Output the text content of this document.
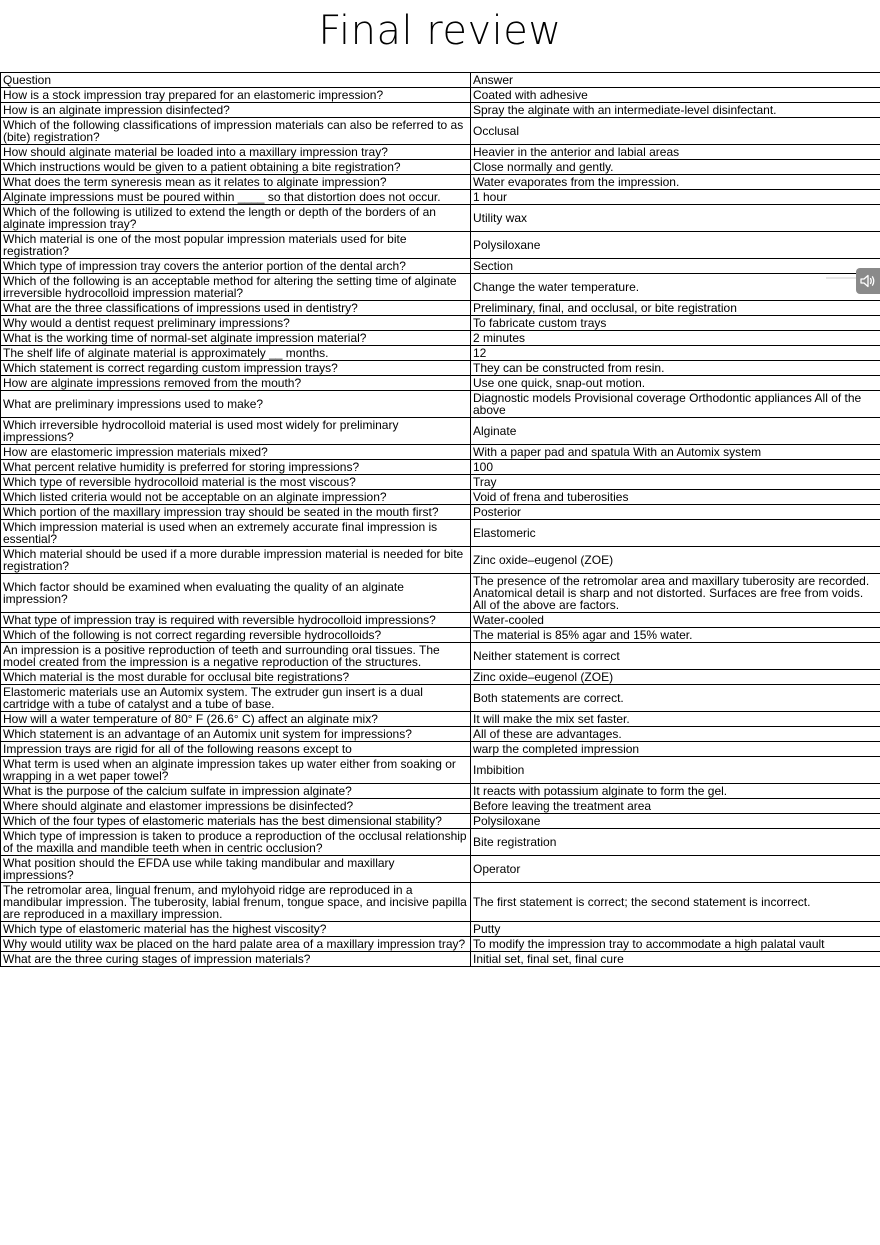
Final review
Question	Answer
How is a stock impression tray prepared for an elastomeric impression?	Coated with adhesive
How is an alginate impression disinfected?	Spray the alginate with an intermediate-level disinfectant.
Which of the following classifications of impression materials can also be referred to as (bite) registration?	Occlusal
How should alginate material be loaded into a maxillary impression tray?	Heavier in the anterior and labial areas
Which instructions would be given to a patient obtaining a bite registration?	Close normally and gently.
What does the term syneresis mean as it relates to alginate impression?	Water evaporates from the impression.
Alginate impressions must be poured within ____ so that distortion does not occur.	1 hour
Which of the following is utilized to extend the length or depth of the borders of an alginate impression tray?	Utility wax
Which material is one of the most popular impression materials used for bite registration?	Polysiloxane
Which type of impression tray covers the anterior portion of the dental arch?	Section
Which of the following is an acceptable method for altering the setting time of alginate irreversible hydrocolloid impression material?	Change the water temperature.
What are the three classifications of impressions used in dentistry?	Preliminary, final, and occlusal, or bite registration
Why would a dentist request preliminary impressions?	To fabricate custom trays
What is the working time of normal-set alginate impression material?	2 minutes
The shelf life of alginate material is approximately __ months.	12
Which statement is correct regarding custom impression trays?	They can be constructed from resin.
How are alginate impressions removed from the mouth?	Use one quick, snap-out motion.
What are preliminary impressions used to make?	Diagnostic models Provisional coverage Orthodontic appliances All of the above
Which irreversible hydrocolloid material is used most widely for preliminary impressions?	Alginate
How are elastomeric impression materials mixed?	With a paper pad and spatula With an Automix system
What percent relative humidity is preferred for storing impressions?	100
Which type of reversible hydrocolloid material is the most viscous?	Tray
Which listed criteria would not be acceptable on an alginate impression?	Void of frena and tuberosities
Which portion of the maxillary impression tray should be seated in the mouth first?	Posterior
Which impression material is used when an extremely accurate final impression is essential?	Elastomeric
Which material should be used if a more durable impression material is needed for bite registration?	Zinc oxide–eugenol (ZOE)
Which factor should be examined when evaluating the quality of an alginate impression?	The presence of the retromolar area and maxillary tuberosity are recorded. Anatomical detail is sharp and not distorted. Surfaces are free from voids. All of the above are factors.
What type of impression tray is required with reversible hydrocolloid impressions?	Water-cooled
Which of the following is not correct regarding reversible hydrocolloids?	The material is 85% agar and 15% water.
An impression is a positive reproduction of teeth and surrounding oral tissues. The model created from the impression is a negative reproduction of the structures.	Neither statement is correct
Which material is the most durable for occlusal bite registrations?	Zinc oxide–eugenol (ZOE)
Elastomeric materials use an Automix system. The extruder gun insert is a dual cartridge with a tube of catalyst and a tube of base.	Both statements are correct.
How will a water temperature of 80° F (26.6° C) affect an alginate mix?	It will make the mix set faster.
Which statement is an advantage of an Automix unit system for impressions?	All of these are advantages.
Impression trays are rigid for all of the following reasons except to	warp the completed impression
What term is used when an alginate impression takes up water either from soaking or wrapping in a wet paper towel?	Imbibition
What is the purpose of the calcium sulfate in impression alginate?	It reacts with potassium alginate to form the gel.
Where should alginate and elastomer impressions be disinfected?	Before leaving the treatment area
Which of the four types of elastomeric materials has the best dimensional stability?	Polysiloxane
Which type of impression is taken to produce a reproduction of the occlusal relationship of the maxilla and mandible teeth when in centric occlusion?	Bite registration
What position should the EFDA use while taking mandibular and maxillary impressions?	Operator
The retromolar area, lingual frenum, and mylohyoid ridge are reproduced in a mandibular impression. The tuberosity, labial frenum, tongue space, and incisive papilla are reproduced in a maxillary impression.	The first statement is correct; the second statement is incorrect.
Which type of elastomeric material has the highest viscosity?	Putty
Why would utility wax be placed on the hard palate area of a maxillary impression tray?	To modify the impression tray to accommodate a high palatal vault
What are the three curing stages of impression materials?	Initial set, final set, final cure
